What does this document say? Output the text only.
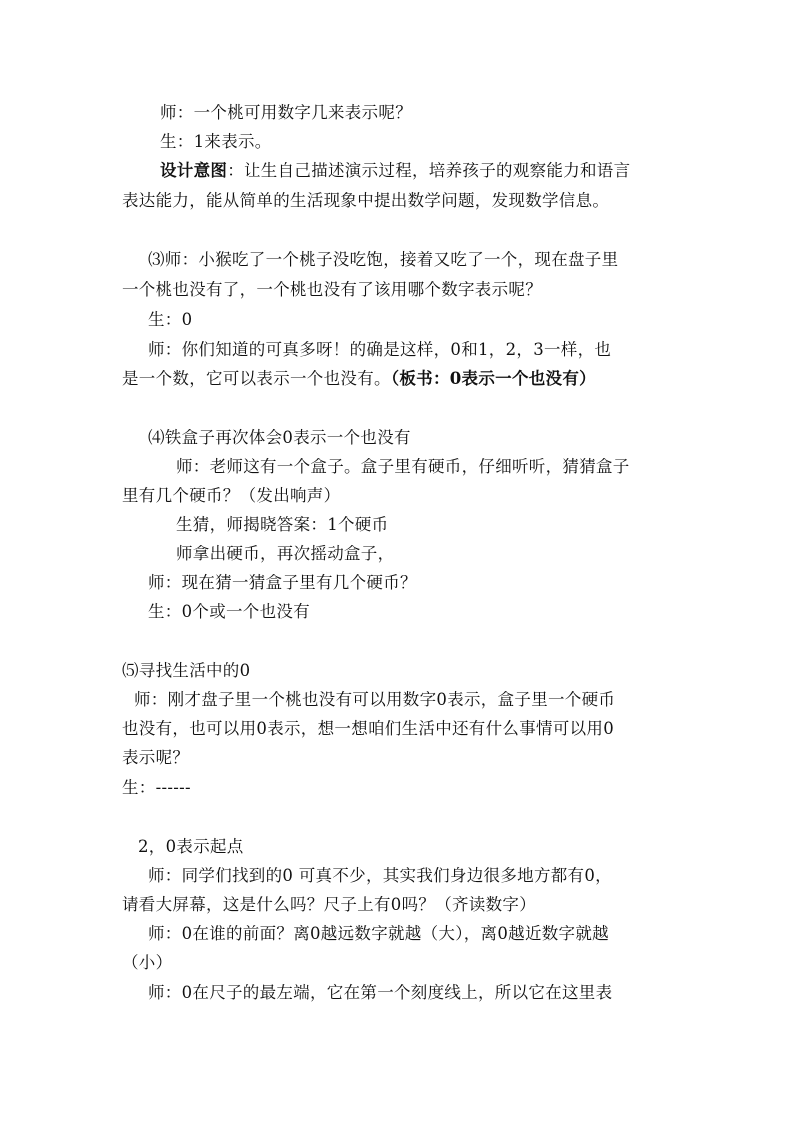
师：一个桃可用数字几来表示呢？
生：1来表示。
设计意图：让生自己描述演示过程，培养孩子的观察能力和语言
表达能力，能从简单的生活现象中提出数学问题，发现数学信息。
⑶师：小猴吃了一个桃子没吃饱，接着又吃了一个，现在盘子里
一个桃也没有了，一个桃也没有了该用哪个数字表示呢？
生：0
师：你们知道的可真多呀！的确是这样，0和1，2，3一样，也
是一个数，它可以表示一个也没有。（板书：0表示一个也没有）
⑷铁盒子再次体会0表示一个也没有
师：老师这有一个盒子。盒子里有硬币，仔细听听，猜猜盒子
里有几个硬币？（发出响声）
生猜，师揭晓答案：1个硬币
师拿出硬币，再次摇动盒子，
师：现在猜一猜盒子里有几个硬币？
生：0个或一个也没有
⑸寻找生活中的0
师：刚才盘子里一个桃也没有可以用数字0表示，盒子里一个硬币
也没有，也可以用0表示，想一想咱们生活中还有什么事情可以用0
表示呢？
生：------
2，0表示起点
师：同学们找到的0 可真不少，其实我们身边很多地方都有0，
请看大屏幕，这是什么吗？尺子上有0吗？（齐读数字）
师：0在谁的前面？离0越远数字就越（大），离0越近数字就越
（小）
师：0在尺子的最左端，它在第一个刻度线上，所以它在这里表
